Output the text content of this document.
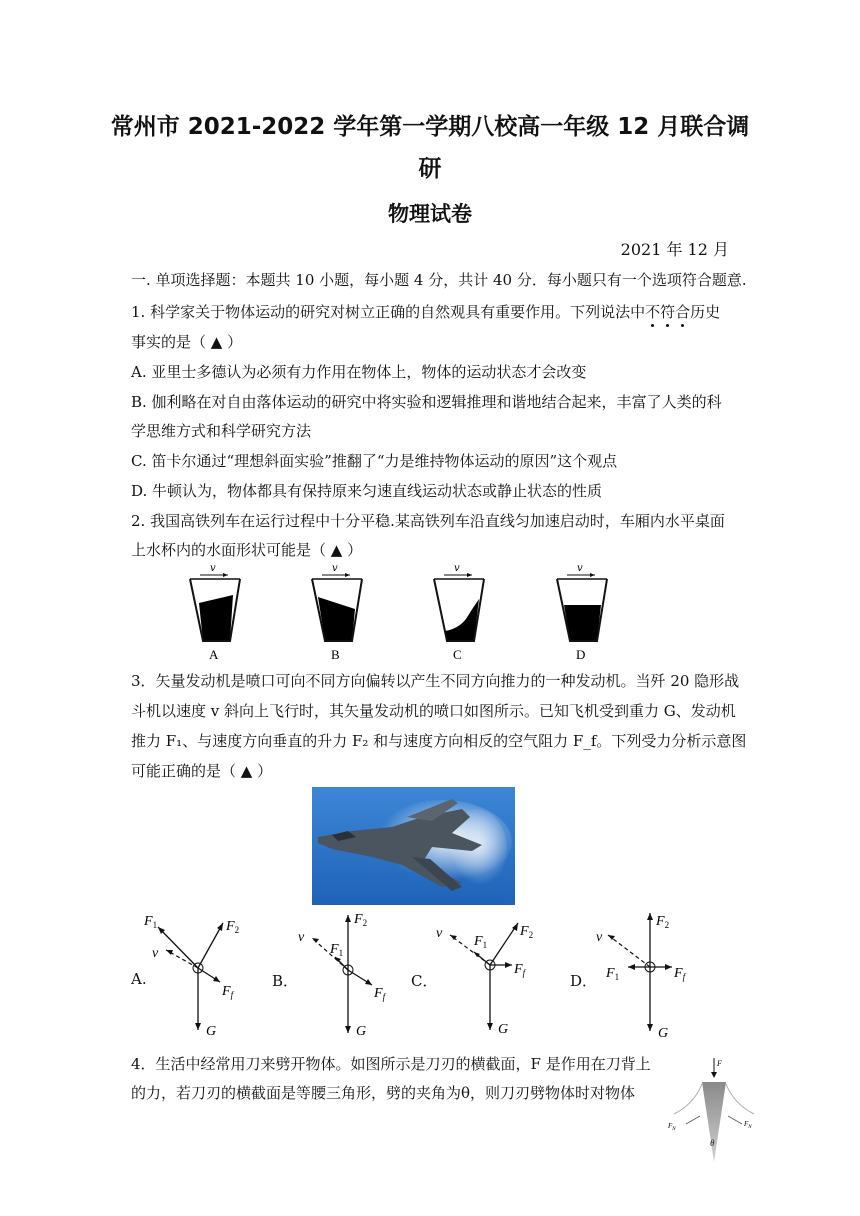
常州市 2021-2022 学年第一学期八校高一年级 12 月联合调
研
物理试卷
2021 年 12 月
一. 单项选择题：本题共 10 小题，每小题 4 分，共计 40 分．每小题只有一个选项符合题意.
1. 科学家关于物体运动的研究对树立正确的自然观具有重要作用。下列说法中不符合历史
事实的是（ ▲ ）
A. 亚里士多德认为必须有力作用在物体上，物体的运动状态才会改变
B. 伽利略在对自由落体运动的研究中将实验和逻辑推理和谐地结合起来，丰富了人类的科
学思维方式和科学研究方法
C. 笛卡尔通过“理想斜面实验”推翻了“力是维持物体运动的原因”这个观点
D. 牛顿认为，物体都具有保持原来匀速直线运动状态或静止状态的性质
2. 我国高铁列车在运行过程中十分平稳.某高铁列车沿直线匀加速启动时，车厢内水平桌面
上水杯内的水面形状可能是（ ▲ ）
v
A
v
B
v
C
v
D
3．矢量发动机是喷口可向不同方向偏转以产生不同方向推力的一种发动机。当歼 20 隐形战
斗机以速度 v 斜向上飞行时，其矢量发动机的喷口如图所示。已知飞机受到重力 G、发动机
推力 F₁、与速度方向垂直的升力 F₂ 和与速度方向相反的空气阻力 F_f。下列受力分析示意图
可能正确的是（ ▲ ）
$F_1$	$F_2$
v
$F_f$
G
$F_2$
$F_1$
v
$F_f$
G
v
$F_1$
$F_2$
$F_f$
G
$F_2$
v
$F_1$	$F_f$
G
A.	B．	C．	D．
4．生活中经常用刀来劈开物体。如图所示是刀刃的横截面，F 是作用在刀背上
的力，若刀刃的横截面是等腰三角形，劈的夹角为θ，则刀刃劈物体时对物体
F
$F_N$
$F_N$
θ
